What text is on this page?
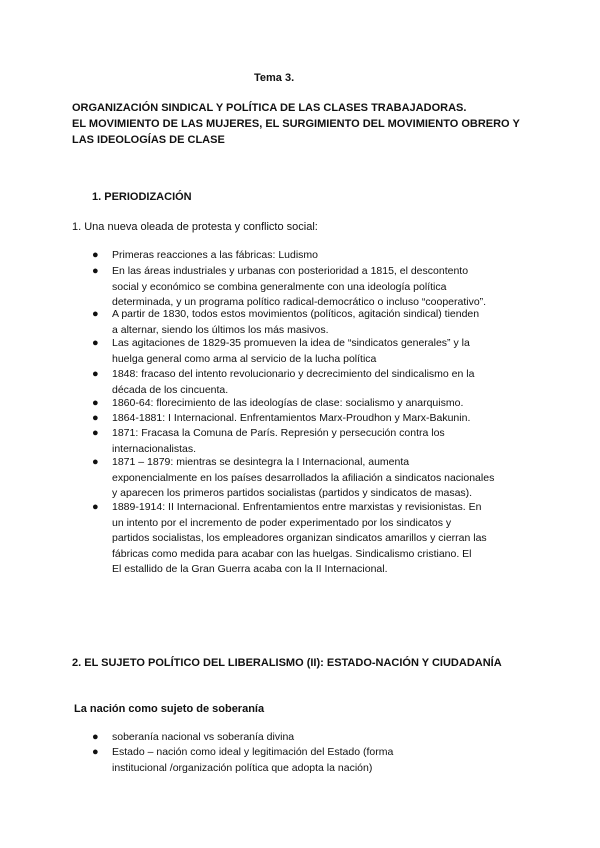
Tema 3.
ORGANIZACIÓN SINDICAL Y POLÍTICA DE LAS CLASES TRABAJADORAS.
EL MOVIMIENTO DE LAS MUJERES, EL SURGIMIENTO DEL MOVIMIENTO OBRERO Y
LAS IDEOLOGÍAS DE CLASE
1. PERIODIZACIÓN
1. Una nueva oleada de protesta y conflicto social:
● Primeras reacciones a las fábricas: Ludismo
● En las áreas industriales y urbanas con posterioridad a 1815, el descontento
social y económico se combina generalmente con una ideología política
determinada, y un programa político radical-democrático o incluso “cooperativo”.
● A partir de 1830, todos estos movimientos (políticos, agitación sindical) tienden
a alternar, siendo los últimos los más masivos.
● Las agitaciones de 1829-35 promueven la idea de “sindicatos generales” y la
huelga general como arma al servicio de la lucha política
● 1848: fracaso del intento revolucionario y decrecimiento del sindicalismo en la
década de los cincuenta.
● 1860-64: florecimiento de las ideologías de clase: socialismo y anarquismo.
● 1864-1881: I Internacional. Enfrentamientos Marx-Proudhon y Marx-Bakunin.
● 1871: Fracasa la Comuna de París. Represión y persecución contra los
internacionalistas.
● 1871 – 1879: mientras se desintegra la I Internacional, aumenta
exponencialmente en los países desarrollados la afiliación a sindicatos nacionales
y aparecen los primeros partidos socialistas (partidos y sindicatos de masas).
● 1889-1914: II Internacional. Enfrentamientos entre marxistas y revisionistas. En
un intento por el incremento de poder experimentado por los sindicatos y
partidos socialistas, los empleadores organizan sindicatos amarillos y cierran las
fábricas como medida para acabar con las huelgas. Sindicalismo cristiano. El
El estallido de la Gran Guerra acaba con la II Internacional.
2. EL SUJETO POLÍTICO DEL LIBERALISMO (II): ESTADO-NACIÓN Y CIUDADANÍA
La nación como sujeto de soberanía
● soberanía nacional vs soberanía divina
● Estado – nación como ideal y legitimación del Estado (forma
institucional /organización política que adopta la nación)
